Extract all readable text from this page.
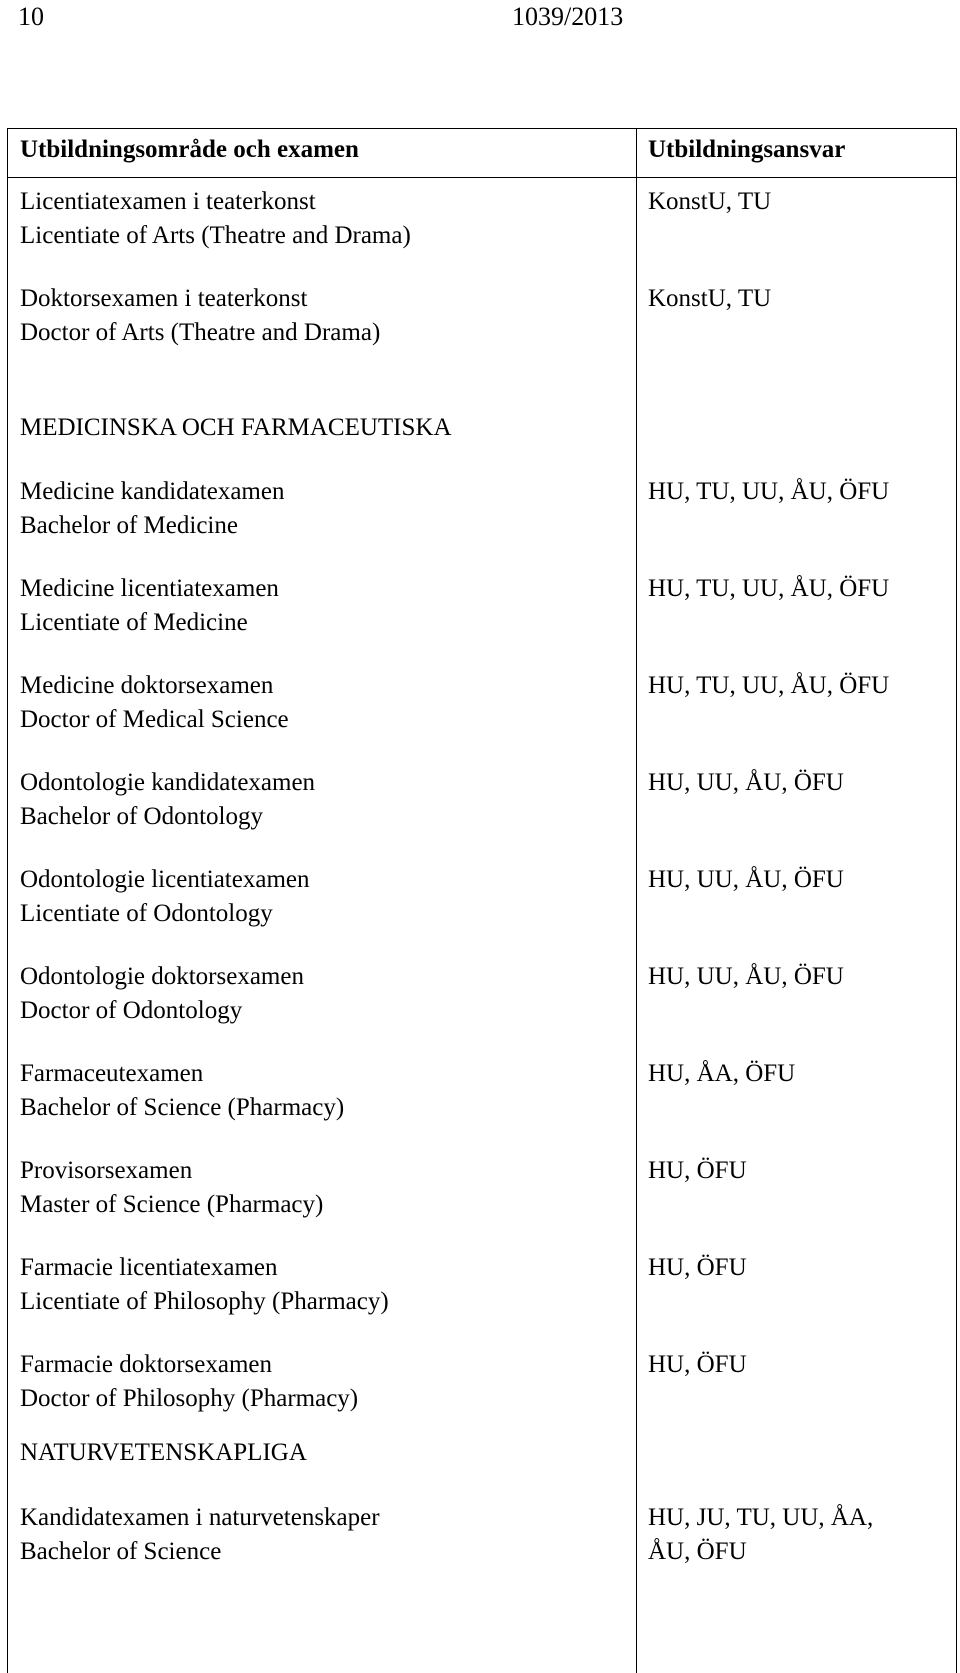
10	1039/2013
Utbildningsområde och examen	Utbildningsansvar
Licentiatexamen i teaterkonst
Licentiate of Arts (Theatre and Drama)
KonstU, TU
Doktorsexamen i teaterkonst
Doctor of Arts (Theatre and Drama)
KonstU, TU
MEDICINSKA OCH FARMACEUTISKA
Medicine kandidatexamen
Bachelor of Medicine
HU, TU, UU, ÅU, ÖFU
Medicine licentiatexamen
Licentiate of Medicine
HU, TU, UU, ÅU, ÖFU
Medicine doktorsexamen
Doctor of Medical Science
HU, TU, UU, ÅU, ÖFU
Odontologie kandidatexamen
Bachelor of Odontology
HU, UU, ÅU, ÖFU
Odontologie licentiatexamen
Licentiate of Odontology
HU, UU, ÅU, ÖFU
Odontologie doktorsexamen
Doctor of Odontology
HU, UU, ÅU, ÖFU
Farmaceutexamen
Bachelor of Science (Pharmacy)
HU, ÅA, ÖFU
Provisorsexamen
Master of Science (Pharmacy)
HU, ÖFU
Farmacie licentiatexamen
Licentiate of Philosophy (Pharmacy)
HU, ÖFU
Farmacie doktorsexamen
Doctor of Philosophy (Pharmacy)
HU, ÖFU
NATURVETENSKAPLIGA
Kandidatexamen i naturvetenskaper
Bachelor of Science
HU, JU, TU, UU, ÅA,
ÅU, ÖFU
